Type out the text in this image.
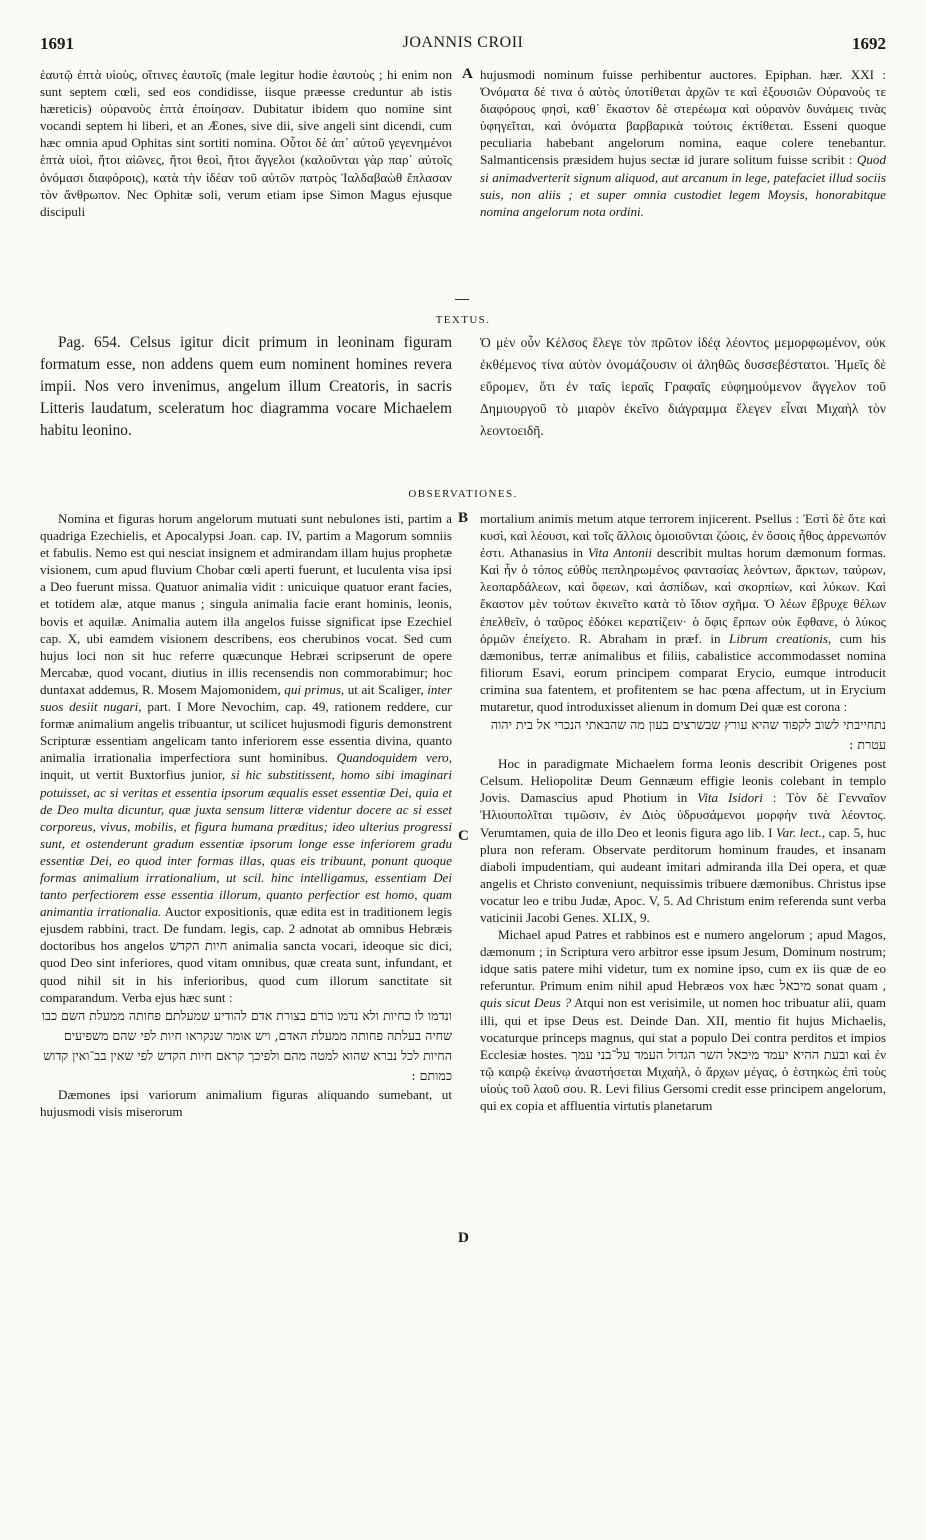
1691	JOANNIS CROII	1692

ἑαυτῷ ἑπτὰ υἱοὺς, οἵτινες ἑαυτοῖς (male legitur hodie ἑαυτοὺς ; hi enim non sunt septem cœli, sed eos condidisse, iisque præesse creduntur ab istis hæreticis) οὐρανοὺς ἑπτὰ ἐποίησαν. Dubitatur ibidem quo nomine sint vocandi septem hi liberi, et an Æones, sive dii, sive angeli sint dicendi, cum hæc omnia apud Ophitas sint sortiti nomina. Οὗτοι δὲ ἀπ᾽ αὐτοῦ γεγενημένοι ἑπτὰ υἱοὶ, ἤτοι αἰῶνες, ἤτοι θεοὶ, ἤτοι ἄγγελοι (καλοῦνται γὰρ παρ᾽ αὐτοῖς ὀνόμασι διαφόροις), κατὰ τὴν ἰδέαν τοῦ αὐτῶν πατρὸς Ἰαλδαβαὼθ ἔπλασαν τὸν ἄνθρωπον. Nec Ophitæ soli, verum etiam ipse Simon Magus ejusque discipuli

A hujusmodi nominum fuisse perhibentur auctores. Epiphan. hær. XXI : Ὀνόματα δέ τινα ὁ αὐτὸς ὑποτίθεται ἀρχῶν τε καὶ ἐξουσιῶν Οὐρανοὺς τε διαφόρους φησὶ, καθ᾽ ἕκαστον δὲ στερέωμα καὶ οὐρανὸν δυνάμεις τινὰς ὑφηγεῖται, καὶ ὀνόματα βαρβαρικὰ τούτοις ἐκτίθεται. Esseni quoque peculiaria habebant angelorum nomina, eaque colere tenebantur. Salmanticensis præsidem hujus sectæ id jurare solitum fuisse scribit : Quod si animadverterit signum aliquod, aut arcanum in lege, patefaciet illud sociis suis, non aliis ; et super omnia custodiet legem Moysis, honorabitque nomina angelorum nota ordini.

TEXTUS.

Pag. 654. Celsus igitur dicit primum in leoninam figuram formatum esse, non addens quem eum nominent homines revera impii. Nos vero invenimus, angelum illum Creatoris, in sacris Litteris laudatum, sceleratum hoc diagramma vocare Michaelem habitu leonino.

Ὁ μὲν οὖν Κέλσος ἔλεγε τὸν πρῶτον ἰδέᾳ λέοντος μεμορφωμένον, οὐκ ἐκθέμενος τίνα αὐτὸν ὀνομάζουσιν οἱ ἀληθῶς δυσσεβέστατοι. Ἡμεῖς δὲ εὕρομεν, ὅτι ἐν ταῖς ἱεραῖς Γραφαῖς εὐφημούμενον ἄγγελον τοῦ Δημιουργοῦ τὸ μιαρὸν ἐκεῖνο διάγραμμα ἔλεγεν εἶναι Μιχαὴλ τὸν λεοντοειδῆ.

OBSERVATIONES.

Nomina et figuras horum angelorum mutuati sunt nebulones isti, partim a quadriga Ezechielis, et Apocalypsi Joan. cap. IV, partim a Magorum somniis et fabulis. Nemo est qui nesciat insignem et admirandam illam hujus prophetæ visionem, cum apud fluvium Chobar cœli aperti fuerunt, et luculenta visa ipsi a Deo fuerunt missa. Quatuor animalia vidit : unicuique quatuor erant facies, et totidem alæ, atque manus ; singula animalia facie erant hominis, leonis, bovis et aquilæ. Animalia autem illa angelos fuisse significat ipse Ezechiel cap. X, ubi eamdem visionem describens, eos cherubinos vocat. Sed cum hujus loci non sit huc referre quæcunque Hebræi scripserunt de opere Mercabæ, quod vocant, diutius in illis recensendis non commorabimur; hoc duntaxat addemus, R. Mosem Majomonidem, qui primus, ut ait Scaliger, inter suos desiit nugari, part. I More Nevochim, cap. 49, rationem reddere, cur formæ animalium angelis tribuantur, ut scilicet hujusmodi figuris demonstrent Scripturæ essentiam angelicam tanto inferiorem esse essentia divina, quanto animalia irrationalia imperfectiora sunt hominibus. Quandoquidem vero, inquit, ut vertit Buxtorfius junior, si hic substitissent, homo sibi imaginari potuisset, ac si veritas et essentia ipsorum æqualis esset essentiæ Dei, quia et de Deo multa dicuntur, quæ juxta sensum litteræ videntur docere ac si esset corporeus, vivus, mobilis, et figura humana præditus; ideo ulterius progressi sunt, et ostenderunt gradum essentiæ ipsorum longe esse inferiorem gradu essentiæ Dei, eo quod inter formas illas, quas eis tribuunt, ponunt quoque formas animalium irrationalium, ut scil. hinc intelligamus, essentiam Dei tanto perfectiorem esse essentia illorum, quanto perfectior est homo, quam animantia irrationalia. Auctor expositionis, quæ edita est in traditionem legis ejusdem rabbini, tract. De fundam. legis, cap. 2 adnotat ab omnibus Hebræis doctoribus hos angelos חיות הקדש animalia sancta vocari, ideoque sic dici, quod Deo sint inferiores, quod vitam omnibus, quæ creata sunt, infundant, et quod nihil sit in his inferioribus, quod cum illorum sanctitate sit comparandum. Verba ejus hæc sunt :

ונדמו לו כחיות ולא נדמו כורם בצורת אדם להודיע שמעלתם פחותה ממעלת השם כבו שחיה בעלתה פחותה ממעלת האדם, ויש אומר שנקראו חיות לפי שהם משפיעים החיות לכל נברא שהוא למטה מהם ולפיכך קראם חיות הקדש לפי שאין בב־ואין קדוש כמותם :

Dæmones ipsi variorum animalium figuras aliquando sumebant, ut hujusmodi visis miserorum

B
C
D

mortalium animis metum atque terrorem injicerent. Psellus : Ἐστὶ δὲ ὅτε καὶ κυσὶ, καὶ λέουσι, καὶ τοῖς ἄλλοις ὁμοιοῦνται ζώοις, ἐν ὅσοις ἦθος ἀρρενωπόν ἐστι. Athanasius in Vita Antonii describit multas horum dæmonum formas. Καὶ ἦν ὁ τόπος εὐθὺς πεπληρωμένος φαντασίας λεόντων, ἄρκτων, ταύρων, λεοπαρδάλεων, καὶ ὄφεων, καὶ ἀσπίδων, καὶ σκορπίων, καὶ λύκων. Καὶ ἕκαστον μὲν τούτων ἐκινεῖτο κατὰ τὸ ἴδιον σχῆμα. Ὁ λέων ἔβρυχε θέλων ἐπελθεῖν, ὁ ταῦρος ἐδόκει κερατίζειν· ὁ ὄφις ἕρπων οὐκ ἔφθανε, ὁ λύκος ὁρμῶν ἐπείχετο. R. Abraham in præf. in Librum creationis, cum his dæmonibus, terræ animalibus et filiis, cabalistice accommodasset nomina filiorum Esavi, eorum principem comparat Erycio, eumque introducit crimina sua fatentem, et profitentem se hac pœna affectum, ut in Erycium mutaretur, quod introduxisset alienum in domum Dei quæ est corona :

נתחייבתי לשוב לקפוד שהיא עורץ שבשרצים בעון מה שהבאתי הנכרי אל בית יהוה עטרת :

Hoc in paradigmate Michaelem forma leonis describit Origenes post Celsum. Heliopolitæ Deum Gennæum effigie leonis colebant in templo Jovis. Damascius apud Photium in Vita Isidori : Τὸν δὲ Γενναῖον Ἡλιουπολῖται τιμῶσιν, ἐν Διὸς ὑδρυσάμενοι μορφὴν τινὰ λέοντος. Verumtamen, quia de illo Deo et leonis figura ago lib. I Var. lect., cap. 5, huc plura non referam. Observate perditorum hominum fraudes, et insanam diaboli impudentiam, qui audeant imitari admiranda illa Dei opera, et quæ angelis et Christo conveniunt, nequissimis tribuere dæmonibus. Christus ipse vocatur leo e tribu Judæ, Apoc. V, 5. Ad Christum enim referenda sunt verba vaticinii Jacobi Genes. XLIX, 9.

Michael apud Patres et rabbinos est e numero angelorum ; apud Magos, dæmonum ; in Scriptura vero arbitror esse ipsum Jesum, Dominum nostrum; idque satis patere mihi videtur, tum ex nomine ipso, cum ex iis quæ de eo referuntur. Primum enim nihil apud Hebræos vox hæc מיכאל sonat quam , quis sicut Deus ? Atqui non est verisimile, ut nomen hoc tribuatur alii, quam illi, qui et ipse Deus est. Deinde Dan. XII, mentio fit hujus Michaelis, vocaturque princeps magnus, qui stat a populo Dei contra perditos et impios Ecclesiæ hostes. ובעת ההיא יעמד מיכאל השר הגדול העמד על־בני עמך καὶ ἐν τῷ καιρῷ ἐκείνῳ ἀναστήσεται Μιχαὴλ, ὁ ἄρχων μέγας, ὁ ἑστηκὼς ἐπὶ τοὺς υἱοὺς τοῦ λαοῦ σου. R. Levi filius Gersomi credit esse principem angelorum, qui ex copia et affluentia virtutis planetarum
